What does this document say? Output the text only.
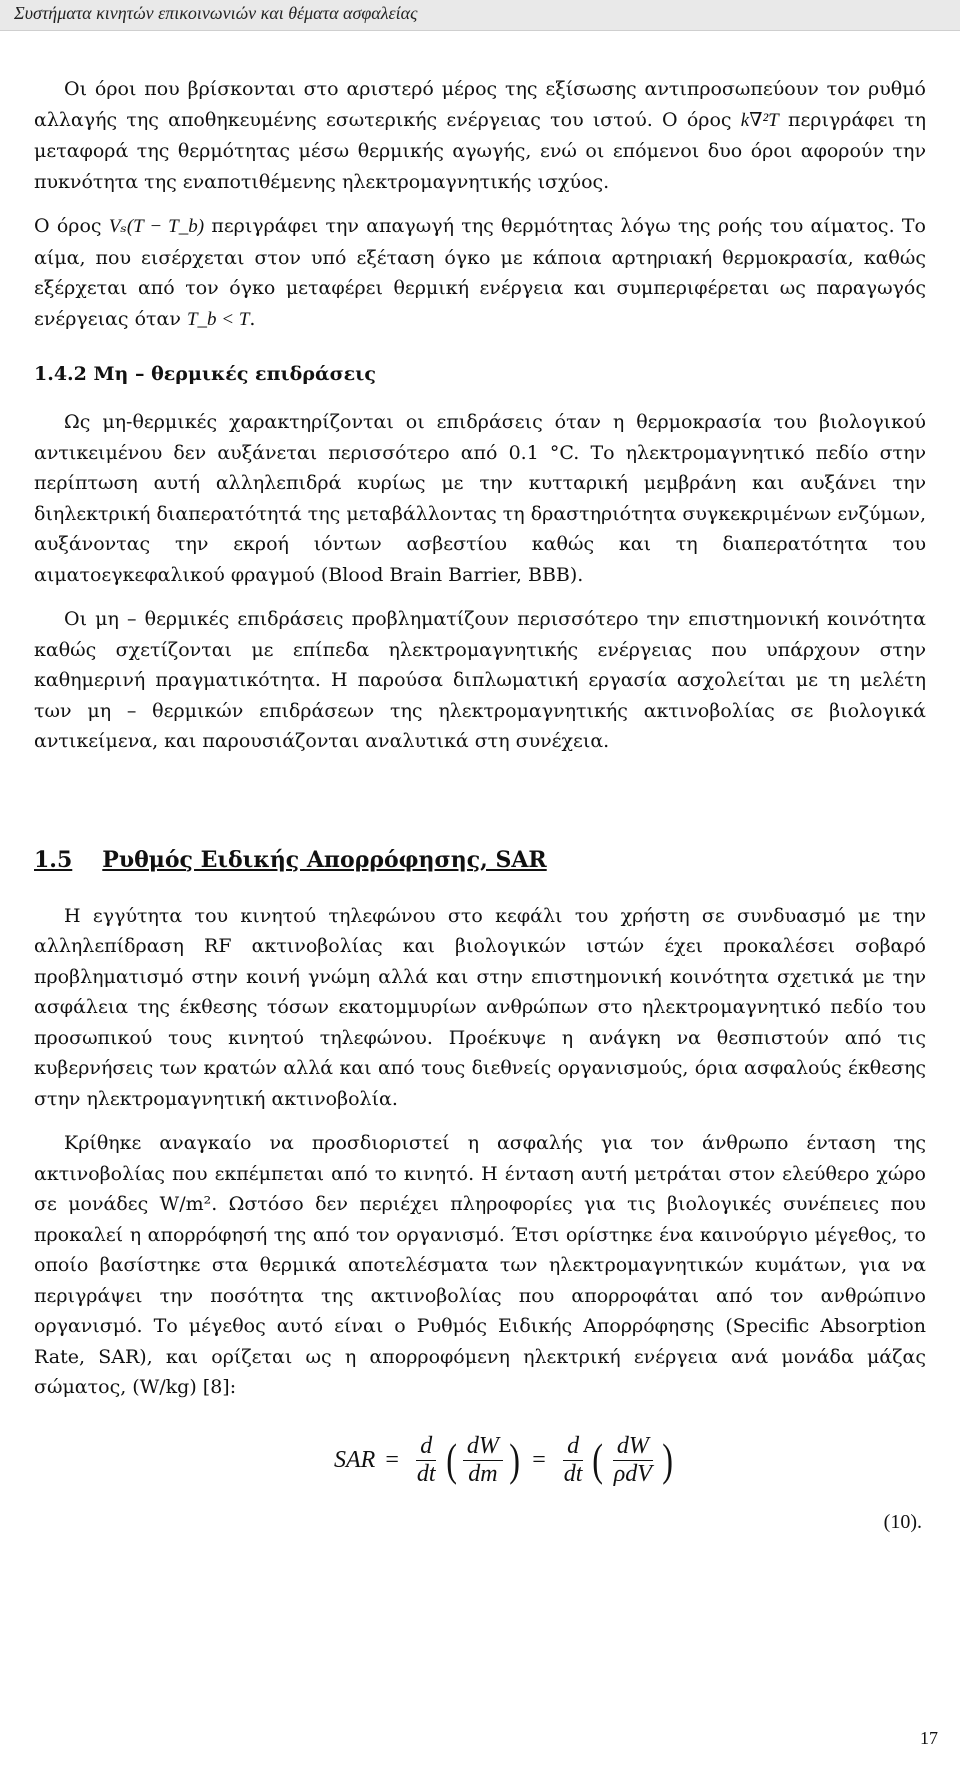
Συστήματα κινητών επικοινωνιών και θέματα ασφαλείας

Οι όροι που βρίσκονται στο αριστερό μέρος της εξίσωσης αντιπροσωπεύουν τον ρυθμό αλλαγής της αποθηκευμένης εσωτερικής ενέργειας του ιστού. Ο όρος k∇²T περιγράφει τη μεταφορά της θερμότητας μέσω θερμικής αγωγής, ενώ οι επόμενοι δυο όροι αφορούν την πυκνότητα της εναποτιθέμενης ηλεκτρομαγνητικής ισχύος.

Ο όρος Vₛ(T − T_b) περιγράφει την απαγωγή της θερμότητας λόγω της ροής του αίματος. Το αίμα, που εισέρχεται στον υπό εξέταση όγκο με κάποια αρτηριακή θερμοκρασία, καθώς εξέρχεται από τον όγκο μεταφέρει θερμική ενέργεια και συμπεριφέρεται ως παραγωγός ενέργειας όταν T_b < T.

1.4.2 Μη – θερμικές επιδράσεις

Ως μη-θερμικές χαρακτηρίζονται οι επιδράσεις όταν η θερμοκρασία του βιολογικού αντικειμένου δεν αυξάνεται περισσότερο από 0.1 °C. Το ηλεκτρομαγνητικό πεδίο στην περίπτωση αυτή αλληλεπιδρά κυρίως με την κυτταρική μεμβράνη και αυξάνει την διηλεκτρική διαπερατότητά της μεταβάλλοντας τη δραστηριότητα συγκεκριμένων ενζύμων, αυξάνοντας την εκροή ιόντων ασβεστίου καθώς και τη διαπερατότητα του αιματοεγκεφαλικού φραγμού (Blood Brain Barrier, BBB).

Οι μη – θερμικές επιδράσεις προβληματίζουν περισσότερο την επιστημονική κοινότητα καθώς σχετίζονται με επίπεδα ηλεκτρομαγνητικής ενέργειας που υπάρχουν στην καθημερινή πραγματικότητα. Η παρούσα διπλωματική εργασία ασχολείται με τη μελέτη των μη – θερμικών επιδράσεων της ηλεκτρομαγνητικής ακτινοβολίας σε βιολογικά αντικείμενα, και παρουσιάζονται αναλυτικά στη συνέχεια.

1.5 Ρυθμός Ειδικής Απορρόφησης, SAR

Η εγγύτητα του κινητού τηλεφώνου στο κεφάλι του χρήστη σε συνδυασμό με την αλληλεπίδραση RF ακτινοβολίας και βιολογικών ιστών έχει προκαλέσει σοβαρό προβληματισμό στην κοινή γνώμη αλλά και στην επιστημονική κοινότητα σχετικά με την ασφάλεια της έκθεσης τόσων εκατομμυρίων ανθρώπων στο ηλεκτρομαγνητικό πεδίο του προσωπικού τους κινητού τηλεφώνου. Προέκυψε η ανάγκη να θεσπιστούν από τις κυβερνήσεις των κρατών αλλά και από τους διεθνείς οργανισμούς, όρια ασφαλούς έκθεσης στην ηλεκτρομαγνητική ακτινοβολία.

Κρίθηκε αναγκαίο να προσδιοριστεί η ασφαλής για τον άνθρωπο ένταση της ακτινοβολίας που εκπέμπεται από το κινητό. Η ένταση αυτή μετράται στον ελεύθερο χώρο σε μονάδες W/m². Ωστόσο δεν περιέχει πληροφορίες για τις βιολογικές συνέπειες που προκαλεί η απορρόφησή της από τον οργανισμό. Έτσι ορίστηκε ένα καινούργιο μέγεθος, το οποίο βασίστηκε στα θερμικά αποτελέσματα των ηλεκτρομαγνητικών κυμάτων, για να περιγράψει την ποσότητα της ακτινοβολίας που απορροφάται από τον ανθρώπινο οργανισμό. Το μέγεθος αυτό είναι ο Ρυθμός Ειδικής Απορρόφησης (Specific Absorption Rate, SAR), και ορίζεται ως η απορροφόμενη ηλεκτρική ενέργεια ανά μονάδα μάζας σώματος, (W/kg) [8]:

SAR = $\frac{d}{dt}$ ( $\frac{dW}{dm}$ ) = $\frac{d}{dt}$ ( $\frac{dW}{\text{ρdV}}$ )
(10).
17
